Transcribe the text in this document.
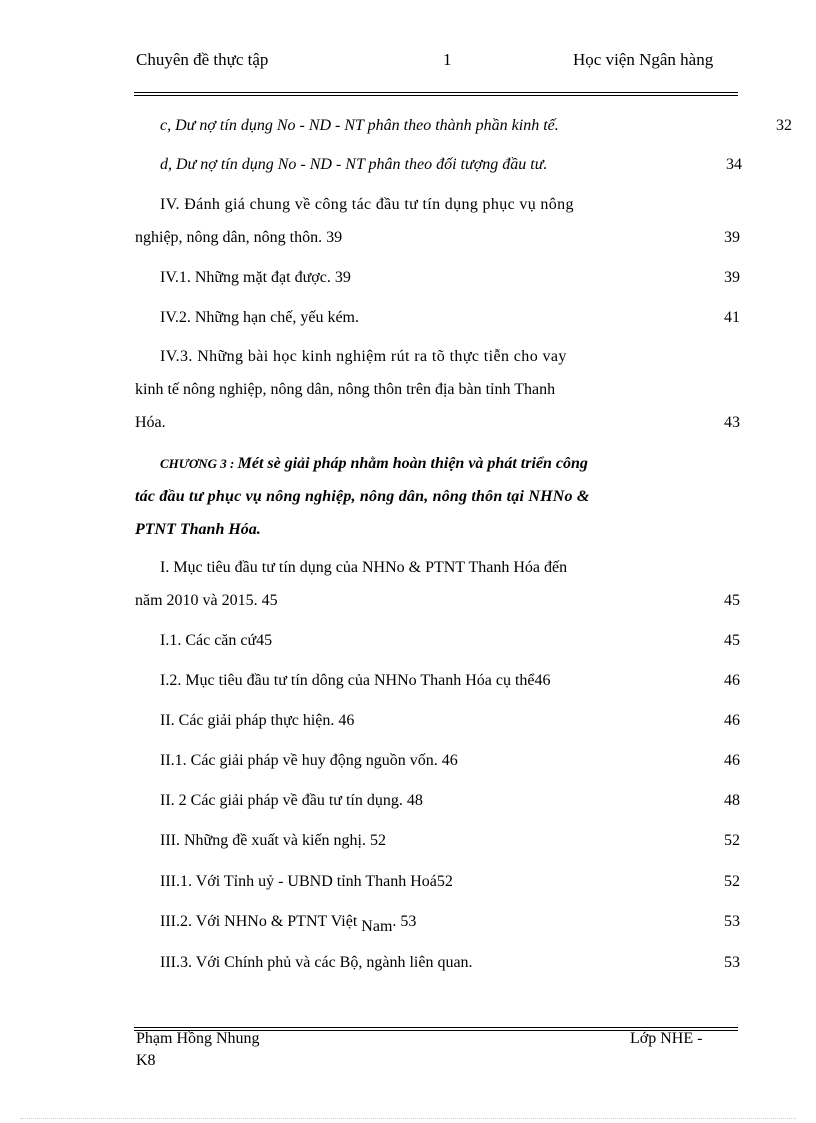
Chuyên đề thực tập	1	Học viện Ngân hàng
c, Dư nợ tín dụng No - ND - NT phân theo thành phần kinh tế.	32
d, Dư nợ tín dụng No - ND - NT phân theo đối tượng đầu tư.	34
IV. Đánh giá chung về công tác đầu tư tín dụng phục vụ nông
nghiệp, nông dân, nông thôn. 39	39
IV.1. Những mặt đạt được. 39	39
IV.2. Những hạn chế, yếu kém.	41
IV.3. Những bài học kinh nghiệm rút ra tõ thực tiễn cho vay
kinh tế nông nghiệp, nông dân, nông thôn trên địa bàn tỉnh Thanh
Hóa.	43
CHƯƠNG 3 : Mét sè giải pháp nhằm hoàn thiện và phát triển công
tác đầu tư phục vụ nông nghiệp, nông dân, nông thôn tại NHNo &
PTNT Thanh Hóa.
I. Mục tiêu đầu tư tín dụng của NHNo & PTNT Thanh Hóa đến
năm 2010 và 2015. 45	45
I.1. Các căn cứ45	45
I.2. Mục tiêu đầu tư tín dông của NHNo Thanh Hóa cụ thể46	46
II. Các giải pháp thực hiện. 46	46
II.1. Các giải pháp về huy động nguồn vốn. 46	46
II. 2 Các giải pháp về đầu tư tín dụng. 48	48
III. Những đề xuất và kiến nghị. 52	52
III.1. Với Tỉnh uỷ - UBND tỉnh Thanh Hoá52	52
III.2. Với NHNo & PTNT Việt Nam. 53	53
III.3. Với Chính phủ và các Bộ, ngành liên quan.	53
Phạm Hồng Nhung
K8
Lớp NHE -
